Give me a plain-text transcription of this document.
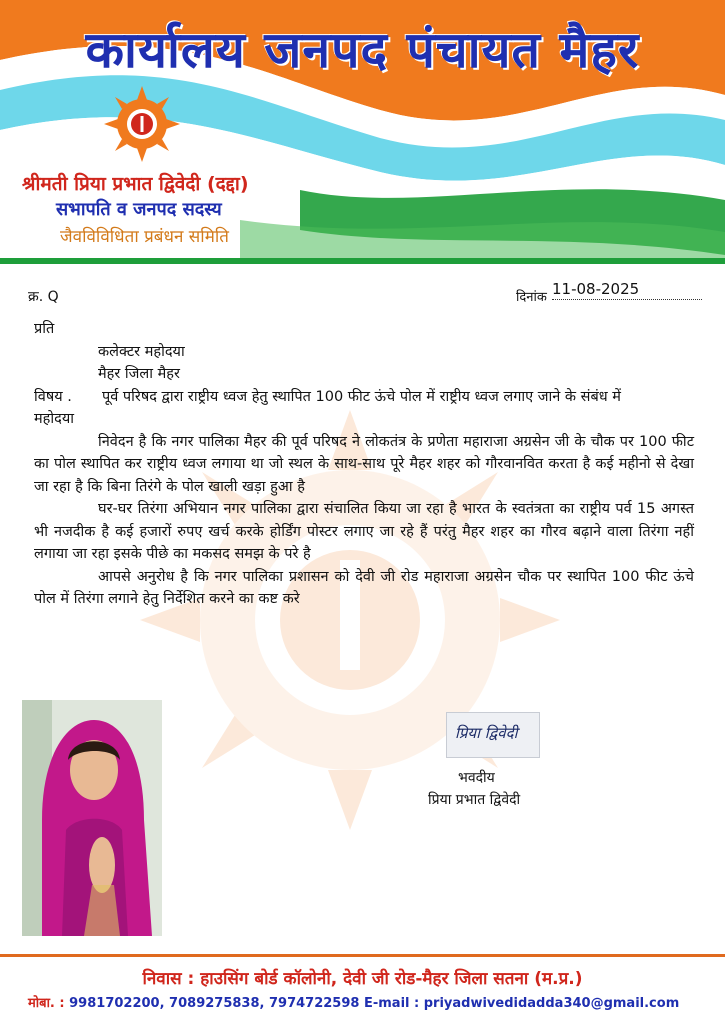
कार्यालय जनपद पंचायत मैहर
श्रीमती प्रिया प्रभात द्विवेदी (दद्दा)
सभापति व जनपद सदस्य
जैवविविधिता प्रबंधन समिति
क्र. Q	दिनांक 11-08-2025

प्रति

कलेक्टर महोदया

मैहर जिला मैहर

विषय .	पूर्व परिषद द्वारा राष्ट्रीय ध्वज हेतु स्थापित 100 फीट ऊंचे पोल में राष्ट्रीय ध्वज लगाए जाने के संबंध में

महोदया

निवेदन है कि नगर पालिका मैहर की पूर्व परिषद ने लोकतंत्र के प्रणेता महाराजा अग्रसेन जी के चौक पर 100 फीट का पोल स्थापित कर राष्ट्रीय ध्वज लगाया था जो स्थल के साथ-साथ पूरे मैहर शहर को गौरवानवित करता है कई महीनो से देखा जा रहा है कि बिना तिरंगे के पोल खाली खड़ा हुआ है

घर-घर तिरंगा अभियान नगर पालिका द्वारा संचालित किया जा रहा है भारत के स्वतंत्रता का राष्ट्रीय पर्व 15 अगस्त भी नजदीक है कई हजारों रुपए खर्च करके होर्डिंग पोस्टर लगाए जा रहे हैं परंतु मैहर शहर का गौरव बढ़ाने वाला तिरंगा नहीं लगाया जा रहा इसके पीछे का मकसद समझ के परे है

आपसे अनुरोध है कि नगर पालिका प्रशासन को देवी जी रोड महाराजा अग्रसेन चौक पर स्थापित 100 फीट ऊंचे पोल में तिरंगा लगाने हेतु निर्देशित करने का कष्ट करे

प्रिया द्विवेदी
भवदीय
प्रिया प्रभात द्विवेदी
निवास : हाउसिंग बोर्ड कॉलोनी, देवी जी रोड-मैहर जिला सतना (म.प्र.)
मोबा. : 9981702200, 7089275838, 7974722598 E-mail : priyadwivedidadda340@gmail.com
